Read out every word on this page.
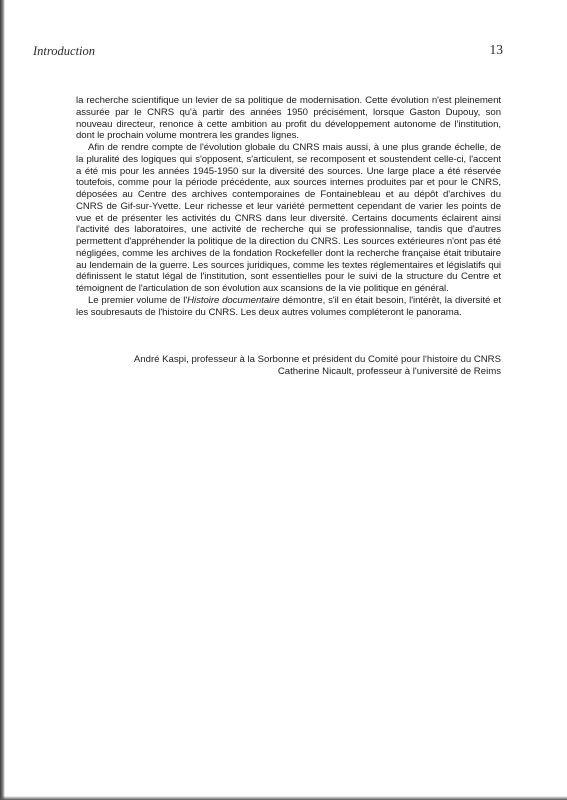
Introduction	13

la recherche scientifique un levier de sa politique de modernisation. Cette évolution n'est pleinement assurée par le CNRS qu'à partir des années 1950 précisément, lorsque Gaston Dupouy, son nouveau directeur, renonce à cette ambition au profit du développement autonome de l'institution, dont le prochain volume montrera les grandes lignes.

Afin de rendre compte de l'évolution globale du CNRS mais aussi, à une plus grande échelle, de la pluralité des logiques qui s'opposent, s'articulent, se recomposent et soustendent celle-ci, l'accent a été mis pour les années 1945-1950 sur la diversité des sources. Une large place a été réservée toutefois, comme pour la période précédente, aux sources internes produites par et pour le CNRS, déposées au Centre des archives contemporaines de Fontainebleau et au dépôt d'archives du CNRS de Gif-sur-Yvette. Leur richesse et leur variété permettent cependant de varier les points de vue et de présenter les activités du CNRS dans leur diversité. Certains documents éclairent ainsi l'activité des laboratoires, une activité de recherche qui se professionnalise, tandis que d'autres permettent d'appréhender la politique de la direction du CNRS. Les sources extérieures n'ont pas été négligées, comme les archives de la fondation Rockefeller dont la recherche française était tributaire au lendemain de la guerre. Les sources juridiques, comme les textes réglementaires et législatifs qui définissent le statut légal de l'institution, sont essentielles pour le suivi de la structure du Centre et témoignent de l'articulation de son évolution aux scansions de la vie politique en général.

Le premier volume de l'Histoire documentaire démontre, s'il en était besoin, l'intérêt, la diversité et les soubresauts de l'histoire du CNRS. Les deux autres volumes compléteront le panorama.

André Kaspi, professeur à la Sorbonne et président du Comité pour l'histoire du CNRS
Catherine Nicault, professeur à l'université de Reims
